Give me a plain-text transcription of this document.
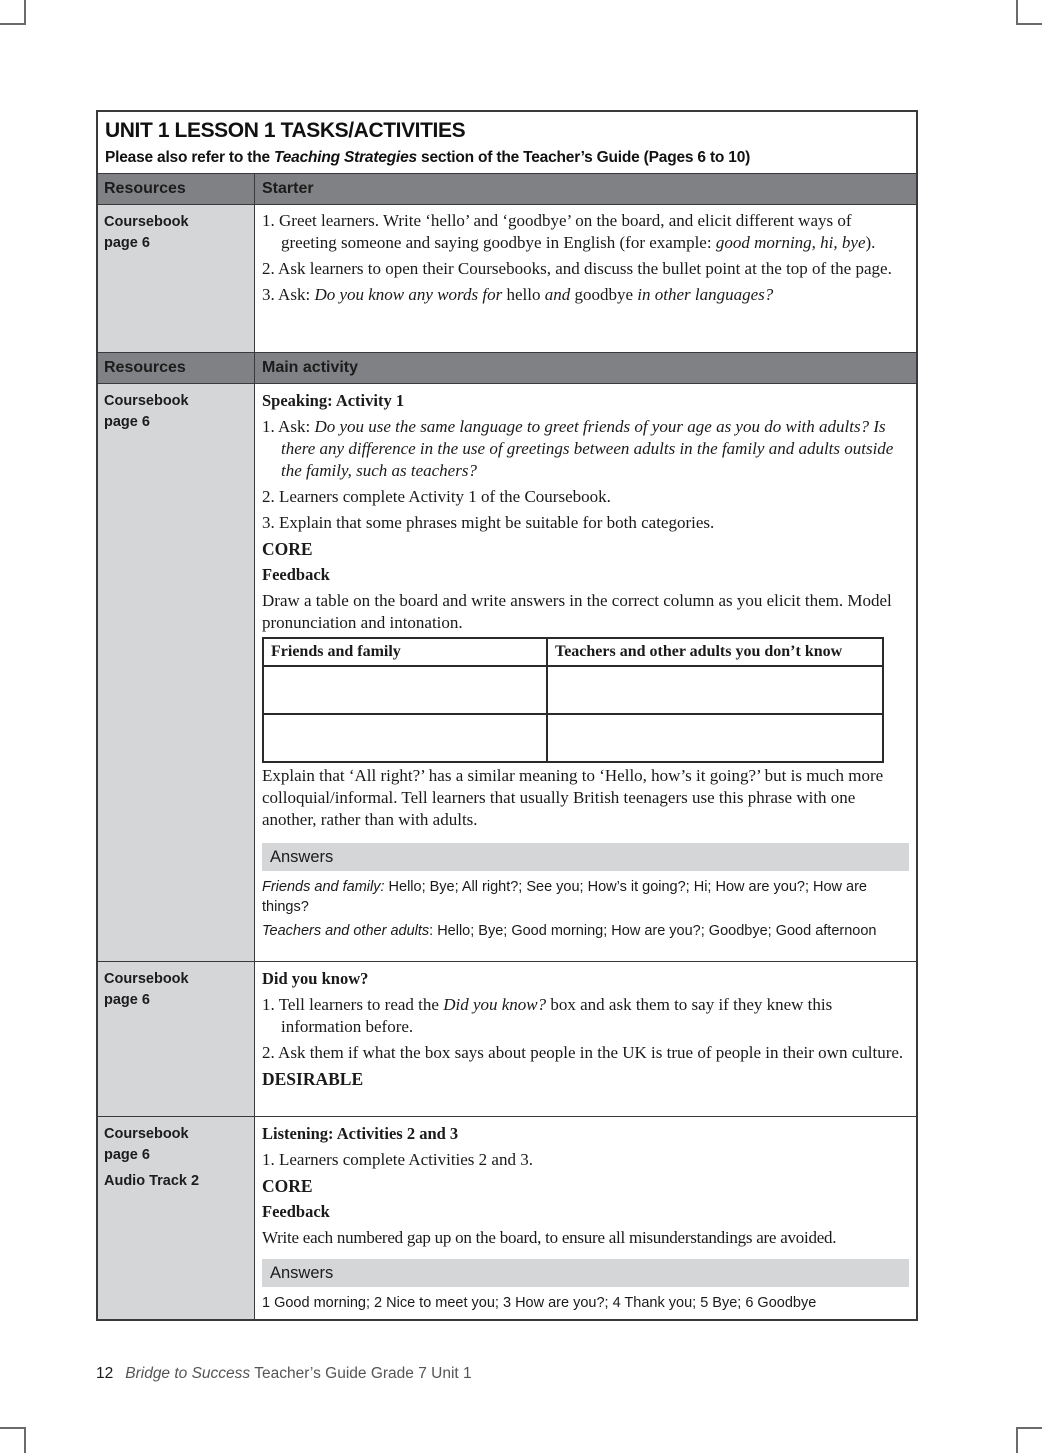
UNIT 1 LESSON 1 TASKS/ACTIVITIES
Please also refer to the Teaching Strategies section of the Teacher’s Guide (Pages 6 to 10)
Resources	Starter
Coursebook
page 6
1. Greet learners. Write ‘hello’ and ‘goodbye’ on the board, and elicit different ways of greeting someone and saying goodbye in English (for example: good morning, hi, bye).
2. Ask learners to open their Coursebooks, and discuss the bullet point at the top of the page.
3. Ask: Do you know any words for hello and goodbye in other languages?
Resources	Main activity
Coursebook
page 6
Speaking: Activity 1
1. Ask: Do you use the same language to greet friends of your age as you do with adults? Is there any difference in the use of greetings between adults in the family and adults outside the family, such as teachers?
2. Learners complete Activity 1 of the Coursebook.
3. Explain that some phrases might be suitable for both categories.
CORE
Feedback
Draw a table on the board and write answers in the correct column as you elicit them. Model pronunciation and intonation.
Friends and family	Teachers and other adults you don’t know

Explain that ‘All right?’ has a similar meaning to ‘Hello, how’s it going?’ but is much more colloquial/informal. Tell learners that usually British teenagers use this phrase with one another, rather than with adults.
Answers
Friends and family: Hello; Bye; All right?; See you; How’s it going?; Hi; How are you?; How are things?
Teachers and other adults: Hello; Bye; Good morning; How are you?; Goodbye; Good afternoon
Coursebook
page 6
Did you know?
1. Tell learners to read the Did you know? box and ask them to say if they knew this information before.
2. Ask them if what the box says about people in the UK is true of people in their own culture.
DESIRABLE
Coursebook
page 6
Audio Track 2
Listening: Activities 2 and 3
1. Learners complete Activities 2 and 3.
CORE
Feedback
Write each numbered gap up on the board, to ensure all misunderstandings are avoided.
Answers
1 Good morning; 2 Nice to meet you; 3 How are you?; 4 Thank you; 5 Bye; 6 Goodbye
12 Bridge to Success Teacher’s Guide Grade 7 Unit 1
